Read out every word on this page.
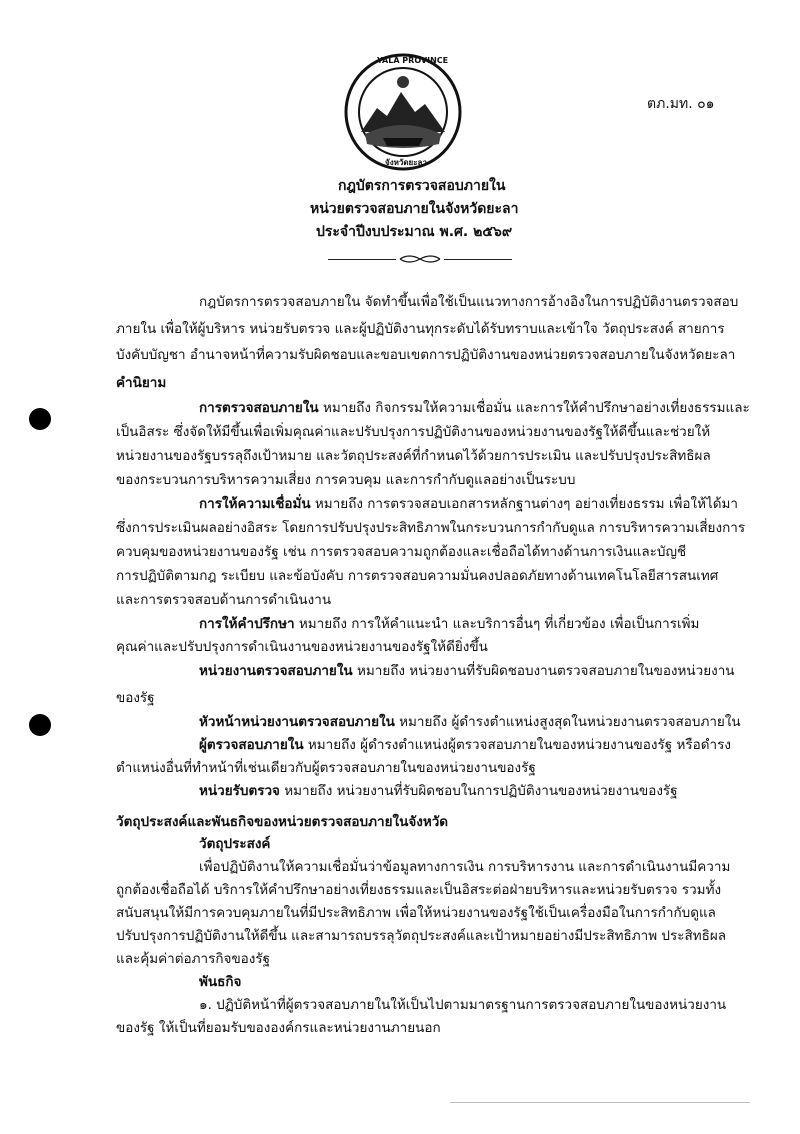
YALA PROVINCE
จังหวัดยะลา
ตภ.มท. ๐๑
กฎบัตรการตรวจสอบภายใน
หน่วยตรวจสอบภายในจังหวัดยะลา
ประจำปีงบประมาณ พ.ศ. ๒๕๖๙
กฎบัตรการตรวจสอบภายใน จัดทำขึ้นเพื่อใช้เป็นแนวทางการอ้างอิงในการปฏิบัติงานตรวจสอบ
ภายใน เพื่อให้ผู้บริหาร หน่วยรับตรวจ และผู้ปฏิบัติงานทุกระดับได้รับทราบและเข้าใจ วัตถุประสงค์ สายการ
บังคับบัญชา อำนาจหน้าที่ความรับผิดชอบและขอบเขตการปฏิบัติงานของหน่วยตรวจสอบภายในจังหวัดยะลา
คำนิยาม
การตรวจสอบภายใน หมายถึง กิจกรรมให้ความเชื่อมั่น และการให้คำปรึกษาอย่างเที่ยงธรรมและ
เป็นอิสระ ซึ่งจัดให้มีขึ้นเพื่อเพิ่มคุณค่าและปรับปรุงการปฏิบัติงานของหน่วยงานของรัฐให้ดีขึ้นและช่วยให้
หน่วยงานของรัฐบรรลุถึงเป้าหมาย และวัตถุประสงค์ที่กำหนดไว้ด้วยการประเมิน และปรับปรุงประสิทธิผล
ของกระบวนการบริหารความเสี่ยง การควบคุม และการกำกับดูแลอย่างเป็นระบบ
การให้ความเชื่อมั่น หมายถึง การตรวจสอบเอกสารหลักฐานต่างๆ อย่างเที่ยงธรรม เพื่อให้ได้มา
ซึ่งการประเมินผลอย่างอิสระ โดยการปรับปรุงประสิทธิภาพในกระบวนการกำกับดูแล การบริหารความเสี่ยงการ
ควบคุมของหน่วยงานของรัฐ เช่น การตรวจสอบความถูกต้องและเชื่อถือได้ทางด้านการเงินและบัญชี
การปฏิบัติตามกฎ ระเบียบ และข้อบังคับ การตรวจสอบความมั่นคงปลอดภัยทางด้านเทคโนโลยีสารสนเทศ
และการตรวจสอบด้านการดำเนินงาน
การให้คำปรึกษา หมายถึง การให้คำแนะนำ และบริการอื่นๆ ที่เกี่ยวข้อง เพื่อเป็นการเพิ่ม
คุณค่าและปรับปรุงการดำเนินงานของหน่วยงานของรัฐให้ดียิ่งขึ้น
หน่วยงานตรวจสอบภายใน หมายถึง หน่วยงานที่รับผิดชอบงานตรวจสอบภายในของหน่วยงาน
ของรัฐ
หัวหน้าหน่วยงานตรวจสอบภายใน หมายถึง ผู้ดำรงตำแหน่งสูงสุดในหน่วยงานตรวจสอบภายใน
ผู้ตรวจสอบภายใน หมายถึง ผู้ดำรงตำแหน่งผู้ตรวจสอบภายในของหน่วยงานของรัฐ หรือดำรง
ตำแหน่งอื่นที่ทำหน้าที่เช่นเดียวกับผู้ตรวจสอบภายในของหน่วยงานของรัฐ
หน่วยรับตรวจ หมายถึง หน่วยงานที่รับผิดชอบในการปฏิบัติงานของหน่วยงานของรัฐ
วัตถุประสงค์และพันธกิจของหน่วยตรวจสอบภายในจังหวัด
วัตถุประสงค์
เพื่อปฏิบัติงานให้ความเชื่อมั่นว่าข้อมูลทางการเงิน การบริหารงาน และการดำเนินงานมีความ
ถูกต้องเชื่อถือได้ บริการให้คำปรึกษาอย่างเที่ยงธรรมและเป็นอิสระต่อฝ่ายบริหารและหน่วยรับตรวจ รวมทั้ง
สนับสนุนให้มีการควบคุมภายในที่มีประสิทธิภาพ เพื่อให้หน่วยงานของรัฐใช้เป็นเครื่องมือในการกำกับดูแล
ปรับปรุงการปฏิบัติงานให้ดีขึ้น และสามารถบรรลุวัตถุประสงค์และเป้าหมายอย่างมีประสิทธิภาพ ประสิทธิผล
และคุ้มค่าต่อภารกิจของรัฐ
พันธกิจ
๑. ปฏิบัติหน้าที่ผู้ตรวจสอบภายในให้เป็นไปตามมาตรฐานการตรวจสอบภายในของหน่วยงาน
ของรัฐ ให้เป็นที่ยอมรับขององค์กรและหน่วยงานภายนอก
